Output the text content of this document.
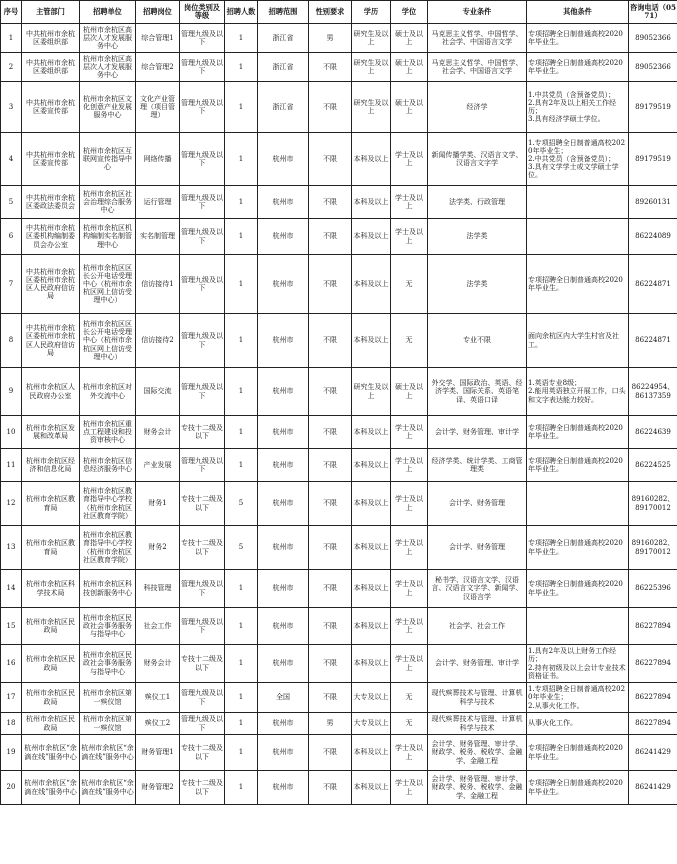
序号	主管部门	招聘单位	招聘岗位	岗位类别及等级	招聘人数	招聘范围	性别要求	学历	学位	专业条件	其他条件	咨询电话（0571）
1	中共杭州市余杭区委组织部	杭州市余杭区高层次人才发展服务中心	综合管理1	管理九级及以下	1	浙江省	男	研究生及以上	硕士及以上	马克思主义哲学、中国哲学、社会学、中国语言文学	专项招聘全日制普通高校2020年毕业生。	89052366
2	中共杭州市余杭区委组织部	杭州市余杭区高层次人才发展服务中心	综合管理2	管理九级及以下	1	浙江省	不限	研究生及以上	硕士及以上	马克思主义哲学、中国哲学、社会学、中国语言文学	专项招聘全日制普通高校2020年毕业生。	89052366
3	中共杭州市余杭区委宣传部	杭州市余杭区文化创意产业发展服务中心	文化产业管理（项目管理）	管理九级及以下	1	浙江省	不限	研究生及以上	硕士及以上	经济学	1.中共党员（含预备党员）；
2.具有2年及以上相关工作经历；
3.具有经济学硕士学位。	89179519
4	中共杭州市余杭区委宣传部	杭州市余杭区互联网宣传指导中心	网络传播	管理九级及以下	1	杭州市	不限	本科及以上	学士及以上	新闻传播学类、汉语言文学、汉语言文字学	1.专项招聘全日制普通高校2020年毕业生；
2.中共党员（含预备党员）；
3.具有文学学士或文学硕士学位。	89179519
5	中共杭州市余杭区委政法委员会	杭州市余杭区社会治理综合服务中心	运行管理	管理九级及以下	1	杭州市	不限	本科及以上	学士及以上	法学类、行政管理		89260131
6	中共杭州市余杭区委机构编制委员会办公室	杭州市余杭区机构编制实名制管理中心	实名制管理	管理九级及以下	1	杭州市	不限	本科及以上	学士及以上	法学类		86224089
7	中共杭州市余杭区委杭州市余杭区人民政府信访局	杭州市余杭区区长公开电话受理中心（杭州市余杭区网上信访受理中心）	信访接待1	管理九级及以下	1	杭州市	不限	本科及以上	无	法学类	专项招聘全日制普通高校2020年毕业生。	86224871
8	中共杭州市余杭区委杭州市余杭区人民政府信访局	杭州市余杭区区长公开电话受理中心（杭州市余杭区网上信访受理中心）	信访接待2	管理九级及以下	1	杭州市	不限	本科及以上	无	专业不限	面向余杭区内大学生村官及社工。	86224871
9	杭州市余杭区人民政府办公室	杭州市余杭区对外交流中心	国际交流	管理九级及以下	1	杭州市	不限	研究生及以上	硕士及以上	外交学、国际政治、英语、经济学类、国际关系、英语笔译、英语口译	1.英语专业8级；
2.能用英语独立开展工作，口头和文字表达能力较好。	86224954、86137359
10	杭州市余杭区发展和改革局	杭州市余杭区重点工程建设和投资审核中心	财务会计	专技十二级及以下	1	杭州市	不限	本科及以上	学士及以上	会计学、财务管理、审计学	专项招聘全日制普通高校2020年毕业生。	86224639
11	杭州市余杭区经济和信息化局	杭州市余杭区信息经济服务中心	产业发展	管理九级及以下	1	杭州市	不限	本科及以上	学士及以上	经济学类、统计学类、工商管理类	专项招聘全日制普通高校2020年毕业生。	86224525
12	杭州市余杭区教育局	杭州市余杭区教育指导中心学校（杭州市余杭区社区教育学院）	财务1	专技十二级及以下	5	杭州市	不限	本科及以上	学士及以上	会计学、财务管理		89160282、89170012
13	杭州市余杭区教育局	杭州市余杭区教育指导中心学校（杭州市余杭区社区教育学院）	财务2	专技十二级及以下	5	杭州市	不限	本科及以上	学士及以上	会计学、财务管理	专项招聘全日制普通高校2020年毕业生。	89160282、89170012
14	杭州市余杭区科学技术局	杭州市余杭区科技创新服务中心	科技管理	管理九级及以下	1	杭州市	不限	本科及以上	学士及以上	秘书学、汉语言文学、汉语言、汉语言文字学、新闻学、汉语言学	专项招聘全日制普通高校2020年毕业生。	86225396
15	杭州市余杭区民政局	杭州市余杭区民政社会事务服务与指导中心	社会工作	管理九级及以下	1	杭州市	不限	本科及以上	学士及以上	社会学、社会工作		86227894
16	杭州市余杭区民政局	杭州市余杭区民政社会事务服务与指导中心	财务会计	专技十二级及以下	1	杭州市	不限	本科及以上	学士及以上	会计学、财务管理、审计学	1.具有2年及以上财务工作经历；
2.持有初级及以上会计专业技术资格证书。	86227894
17	杭州市余杭区民政局	杭州市余杭区第一殡仪馆	殡仪工1	管理九级及以下	1	全国	不限	大专及以上	无	现代殡葬技术与管理、计算机科学与技术	1.专项招聘全日制普通高校2020年毕业生；
2.从事火化工作。	86227894
18	杭州市余杭区民政局	杭州市余杭区第一殡仪馆	殡仪工2	管理九级及以下	1	杭州市	男	大专及以上	无	现代殡葬技术与管理、计算机科学与技术	从事火化工作。	86227894
19	杭州市余杭区“余滴在线”服务中心	杭州市余杭区“余滴在线”服务中心	财务管理1	专技十二级及以下	1	杭州市	不限	本科及以上	学士及以上	会计学、财务管理、审计学、财政学、税务、税收学、金融学、金融工程	专项招聘全日制普通高校2020年毕业生。	86241429
20	杭州市余杭区“余滴在线”服务中心	杭州市余杭区“余滴在线”服务中心	财务管理2	专技十二级及以下	1	杭州市	不限	本科及以上	学士及以上	会计学、财务管理、审计学、财政学、税务、税收学、金融学、金融工程	专项招聘全日制普通高校2020年毕业生。	86241429
